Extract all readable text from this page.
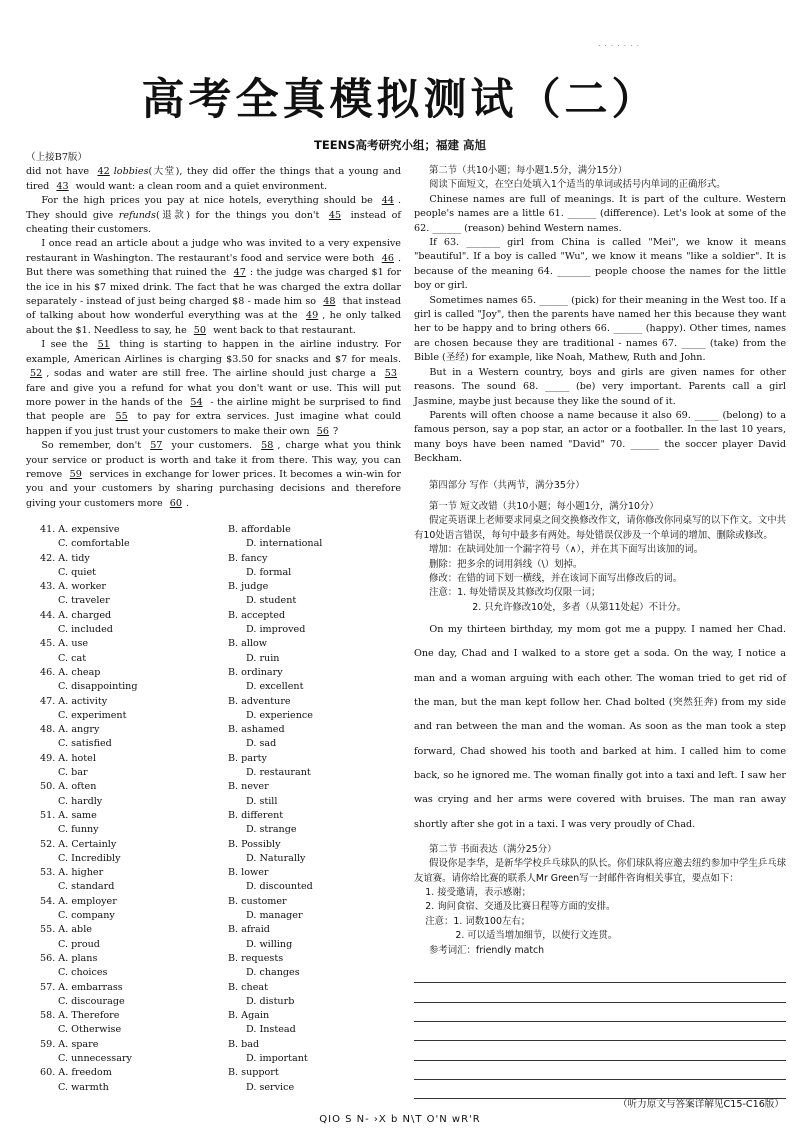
· · · · · · ·
高考全真模拟测试（二）
TEENS高考研究小组；福建 高旭
（上接B7版）

did not have 42 lobbies(大堂), they did offer the things that a young and tired 43 would want: a clean room and a quiet environment.

For the high prices you pay at nice hotels, everything should be 44 . They should give refunds(退款) for the things you don't 45 instead of cheating their customers.

I once read an article about a judge who was invited to a very expensive restaurant in Washington. The restaurant's food and service were both 46 . But there was something that ruined the 47 : the judge was charged $1 for the ice in his $7 mixed drink. The fact that he was charged the extra dollar separately - instead of just being charged $8 - made him so 48 that instead of talking about how wonderful everything was at the 49 , he only talked about the $1. Needless to say, he 50 went back to that restaurant.

I see the 51 thing is starting to happen in the airline industry. For example, American Airlines is charging $3.50 for snacks and $7 for meals. 52 , sodas and water are still free. The airline should just charge a 53 fare and give you a refund for what you don't want or use. This will put more power in the hands of the 54 - the airline might be surprised to find that people are 55 to pay for extra services. Just imagine what could happen if you just trust your customers to make their own 56 ?

So remember, don't 57 your customers. 58 , charge what you think your service or product is worth and take it from there. This way, you can remove 59 services in exchange for lower prices. It becomes a win-win for you and your customers by sharing purchasing decisions and therefore giving your customers more 60 .

41. A. expensive	B. affordable
C. comfortable	D. international
42. A. tidy	B. fancy
C. quiet	D. formal
43. A. worker	B. judge
C. traveler	D. student
44. A. charged	B. accepted
C. included	D. improved
45. A. use	B. allow
C. cat	D. ruin
46. A. cheap	B. ordinary
C. disappointing	D. excellent
47. A. activity	B. adventure
C. experiment	D. experience
48. A. angry	B. ashamed
C. satisfied	D. sad
49. A. hotel	B. party
C. bar	D. restaurant
50. A. often	B. never
C. hardly	D. still
51. A. same	B. different
C. funny	D. strange
52. A. Certainly	B. Possibly
C. Incredibly	D. Naturally
53. A. higher	B. lower
C. standard	D. discounted
54. A. employer	B. customer
C. company	D. manager
55. A. able	B. afraid
C. proud	D. willing
56. A. plans	B. requests
C. choices	D. changes
57. A. embarrass	B. cheat
C. discourage	D. disturb
58. A. Therefore	B. Again
C. Otherwise	D. Instead
59. A. spare	B. bad
C. unnecessary	D. important
60. A. freedom	B. support
C. warmth	D. service

第二节（共10小题；每小题1.5分，满分15分）

阅读下面短文，在空白处填入1个适当的单词或括号内单词的正确形式。

Chinese names are full of meanings. It is part of the culture. Western people's names are a little 61. ______ (difference). Let's look at some of the 62. ______ (reason) behind Western names.

If 63. _______ girl from China is called "Mei", we know it means "beautiful". If a boy is called "Wu", we know it means "like a soldier". It is because of the meaning 64. _______ people choose the names for the little boy or girl.

Sometimes names 65. ______ (pick) for their meaning in the West too. If a girl is called "Joy", then the parents have named her this because they want her to be happy and to bring others 66. ______ (happy). Other times, names are chosen because they are traditional - names 67. _____ (take) from the Bible (圣经) for example, like Noah, Mathew, Ruth and John.

But in a Western country, boys and girls are given names for other reasons. The sound 68. _____ (be) very important. Parents call a girl Jasmine, maybe just because they like the sound of it.

Parents will often choose a name because it also 69. _____ (belong) to a famous person, say a pop star, an actor or a footballer. In the last 10 years, many boys have been named "David" 70. ______ the soccer player David Beckham.

第四部分 写作（共两节，满分35分）

第一节 短文改错（共10小题；每小题1分，满分10分）

假定英语课上老师要求同桌之间交换修改作文，请你修改你同桌写的以下作文。文中共有10处语言错误，每句中最多有两处。每处错误仅涉及一个单词的增加、删除或修改。

增加：在缺词处加一个漏字符号（∧），并在其下面写出该加的词。

删除：把多余的词用斜线（\）划掉。

修改：在错的词下划一横线，并在该词下面写出修改后的词。

注意：1. 每处错误及其修改均仅限一词；

2. 只允许修改10处，多者（从第11处起）不计分。

On my thirteen birthday, my mom got me a puppy. I named her Chad. One day, Chad and I walked to a store get a soda. On the way, I notice a man and a woman arguing with each other. The woman tried to get rid of the man, but the man kept follow her. Chad bolted (突然狂奔) from my side and ran between the man and the woman. As soon as the man took a step forward, Chad showed his tooth and barked at him. I called him to come back, so he ignored me. The woman finally got into a taxi and left. I saw her was crying and her arms were covered with bruises. The man ran away shortly after she got in a taxi. I was very proudly of Chad.

第二节 书面表达（满分25分）

假设你是李华，是新华学校乒乓球队的队长。你们球队将应邀去纽约参加中学生乒乓球友谊赛。请你给比赛的联系人Mr Green写一封邮件咨询相关事宜，要点如下：

1. 接受邀请，表示感谢；

2. 询问食宿、交通及比赛日程等方面的安排。

注意：1. 词数100左右；

2. 可以适当增加细节，以使行文连贯。

参考词汇：friendly match

（听力原文与答案详解见C15-C16版）
QIO S N- ›X b N\T O'N wR'R
